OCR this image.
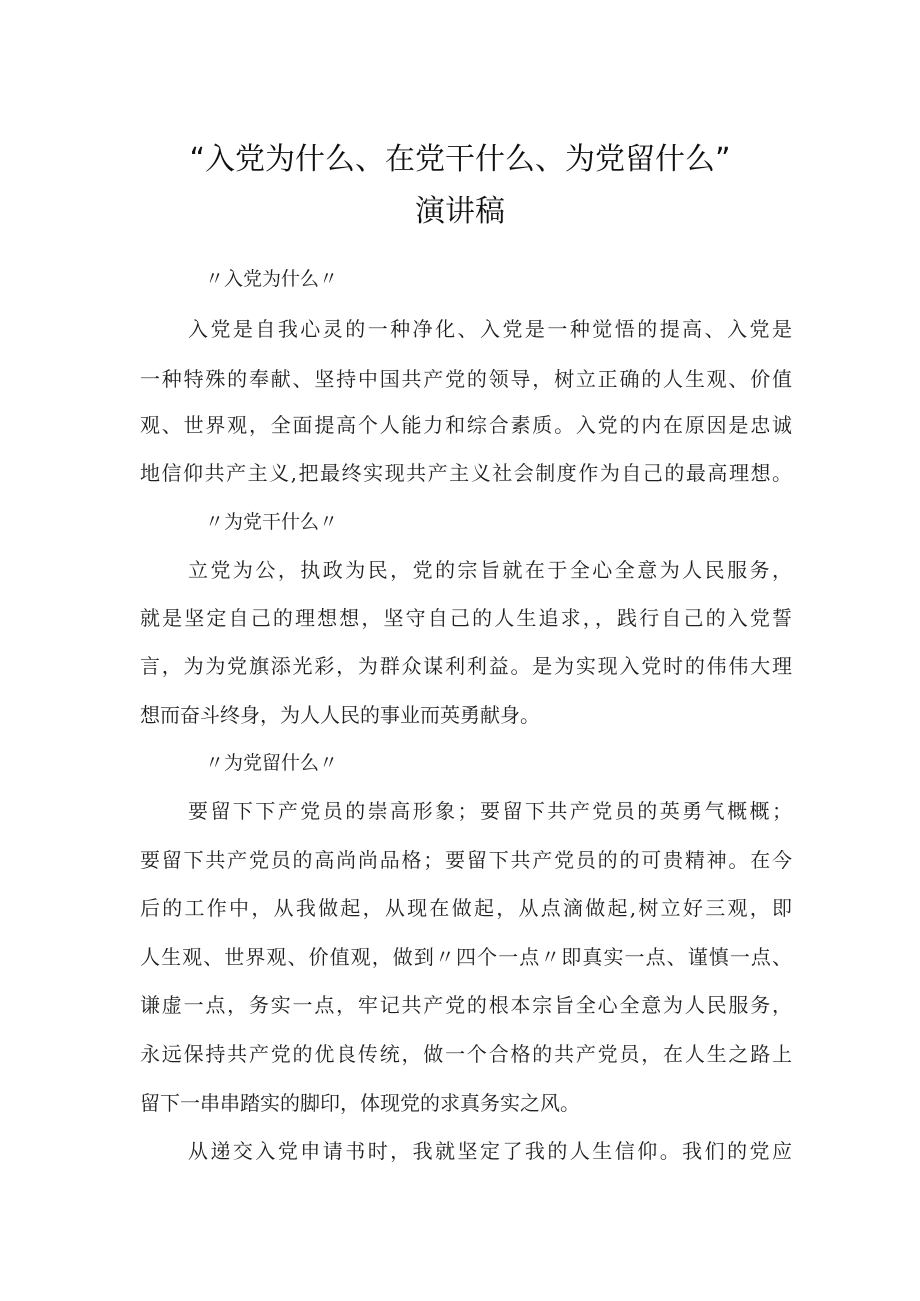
“入党为什么、在党干什么、为党留什么”
演讲稿

〃入党为什么〃

入党是自我心灵的一种净化、入党是一种觉悟的提高、入党是

一种特殊的奉献、坚持中国共产党的领导，树立正确的人生观、价值

观、世界观，全面提高个人能力和综合素质。入党的内在原因是忠诚

地信仰共产主义,把最终实现共产主义社会制度作为自己的最高理想。

〃为党干什么〃

立党为公，执政为民，党的宗旨就在于全心全意为人民服务，

就是坚定自己的理想想，坚守自己的人生追求，，践行自己的入党誓

言，为为党旗添光彩，为群众谋利利益。是为实现入党时的伟伟大理

想而奋斗终身，为人人民的事业而英勇献身。

〃为党留什么〃

要留下下产党员的崇高形象；要留下共产党员的英勇气概概；

要留下共产党员的高尚尚品格；要留下共产党员的的可贵精神。在今

后的工作中，从我做起，从现在做起，从点滴做起,树立好三观，即

人生观、世界观、价值观，做到〃四个一点〃即真实一点、谨慎一点、

谦虚一点，务实一点，牢记共产党的根本宗旨全心全意为人民服务，

永远保持共产党的优良传统，做一个合格的共产党员，在人生之路上

留下一串串踏实的脚印，体现党的求真务实之风。

从递交入党申请书时，我就坚定了我的人生信仰。我们的党应
